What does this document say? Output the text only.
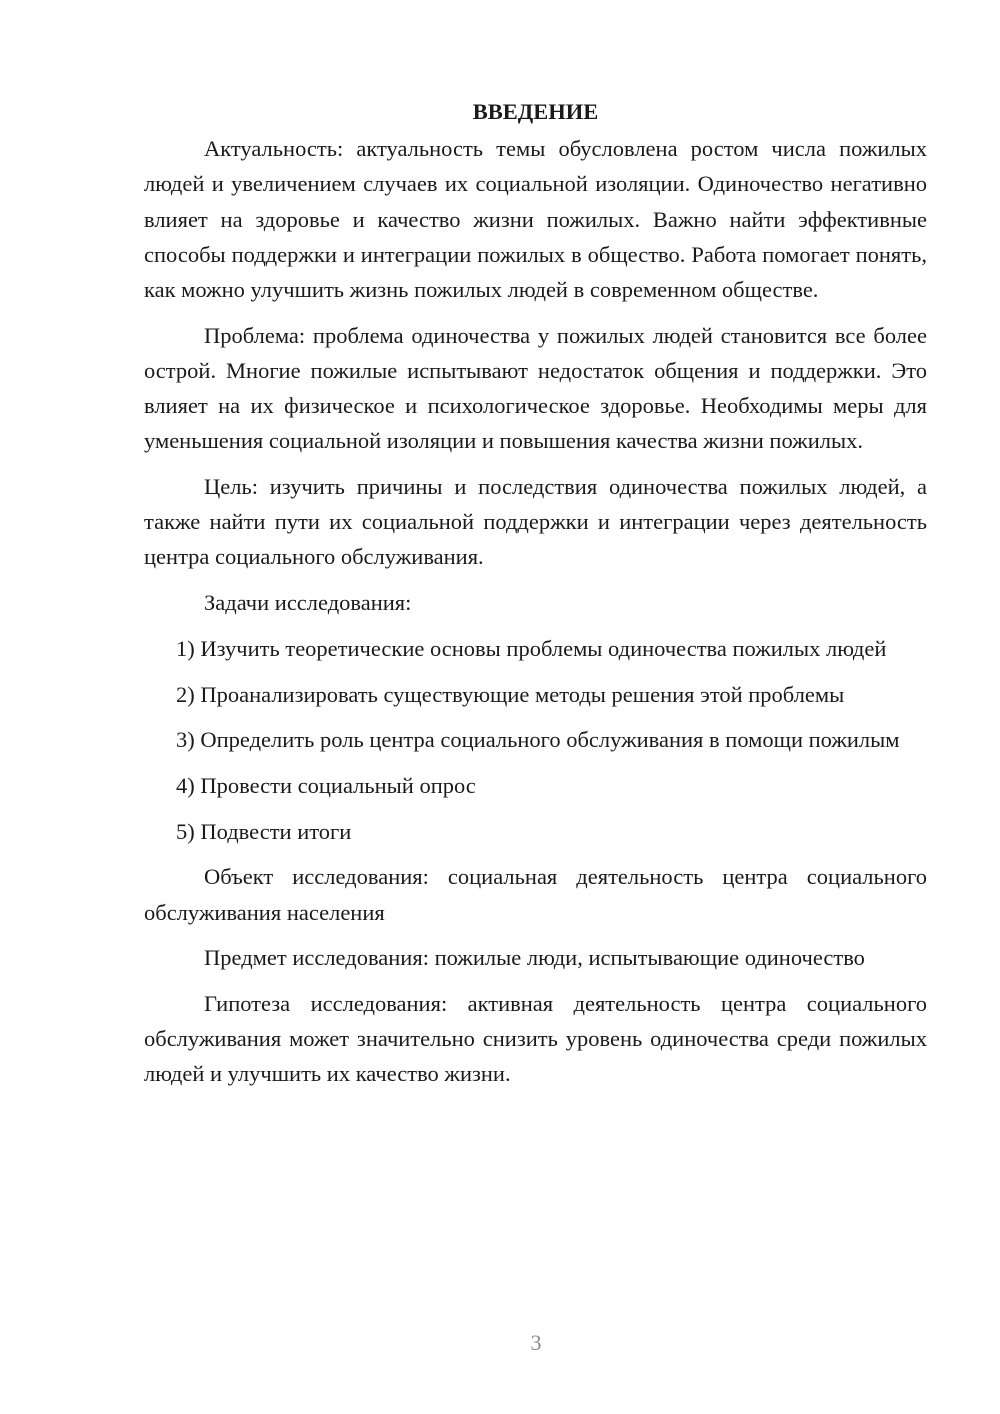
ВВЕДЕНИЕ

Актуальность: актуальность темы обусловлена ростом числа пожилых людей и увеличением случаев их социальной изоляции. Одиночество негативно влияет на здоровье и качество жизни пожилых. Важно найти эффективные способы поддержки и интеграции пожилых в общество. Работа помогает понять, как можно улучшить жизнь пожилых людей в современном обществе.

Проблема: проблема одиночества у пожилых людей становится все более острой. Многие пожилые испытывают недостаток общения и поддержки. Это влияет на их физическое и психологическое здоровье. Необходимы меры для уменьшения социальной изоляции и повышения качества жизни пожилых.

Цель: изучить причины и последствия одиночества пожилых людей, а также найти пути их социальной поддержки и интеграции через деятельность центра социального обслуживания.

Задачи исследования:

1) Изучить теоретические основы проблемы одиночества пожилых людей

2) Проанализировать существующие методы решения этой проблемы

3) Определить роль центра социального обслуживания в помощи пожилым

4) Провести социальный опрос

5) Подвести итоги

Объект исследования: социальная деятельность центра социального обслуживания населения

Предмет исследования: пожилые люди, испытывающие одиночество

Гипотеза исследования: активная деятельность центра социального обслуживания может значительно снизить уровень одиночества среди пожилых людей и улучшить их качество жизни.

3
